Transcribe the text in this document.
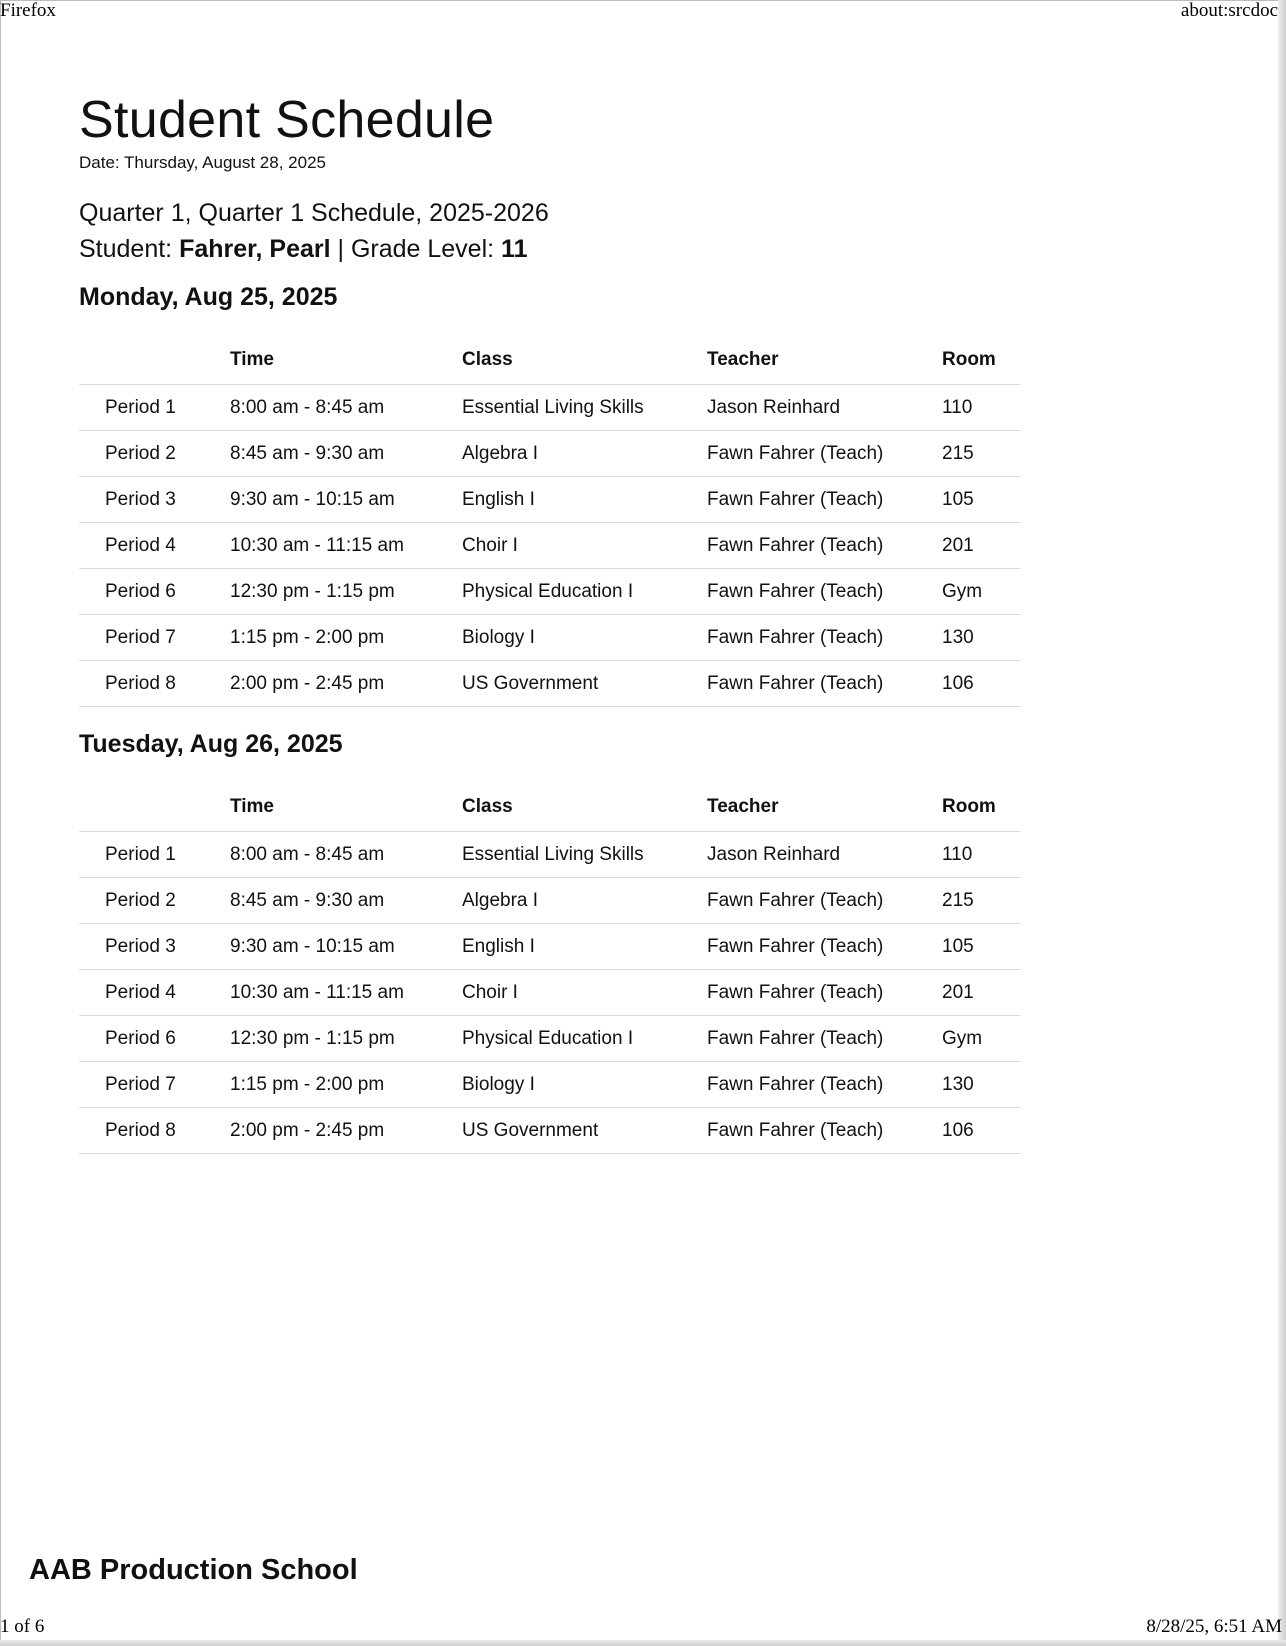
Firefox	about:srcdoc
Student Schedule
Date: Thursday, August 28, 2025
Quarter 1, Quarter 1 Schedule, 2025-2026
Student: Fahrer, Pearl | Grade Level: 11
Monday, Aug 25, 2025
	Time	Class	Teacher	Room
Period 1	8:00 am - 8:45 am	Essential Living Skills	Jason Reinhard	110
Period 2	8:45 am - 9:30 am	Algebra I	Fawn Fahrer (Teach)	215
Period 3	9:30 am - 10:15 am	English I	Fawn Fahrer (Teach)	105
Period 4	10:30 am - 11:15 am	Choir I	Fawn Fahrer (Teach)	201
Period 6	12:30 pm - 1:15 pm	Physical Education I	Fawn Fahrer (Teach)	Gym
Period 7	1:15 pm - 2:00 pm	Biology I	Fawn Fahrer (Teach)	130
Period 8	2:00 pm - 2:45 pm	US Government	Fawn Fahrer (Teach)	106
Tuesday, Aug 26, 2025
	Time	Class	Teacher	Room
Period 1	8:00 am - 8:45 am	Essential Living Skills	Jason Reinhard	110
Period 2	8:45 am - 9:30 am	Algebra I	Fawn Fahrer (Teach)	215
Period 3	9:30 am - 10:15 am	English I	Fawn Fahrer (Teach)	105
Period 4	10:30 am - 11:15 am	Choir I	Fawn Fahrer (Teach)	201
Period 6	12:30 pm - 1:15 pm	Physical Education I	Fawn Fahrer (Teach)	Gym
Period 7	1:15 pm - 2:00 pm	Biology I	Fawn Fahrer (Teach)	130
Period 8	2:00 pm - 2:45 pm	US Government	Fawn Fahrer (Teach)	106
AAB Production School
1 of 6	8/28/25, 6:51 AM
